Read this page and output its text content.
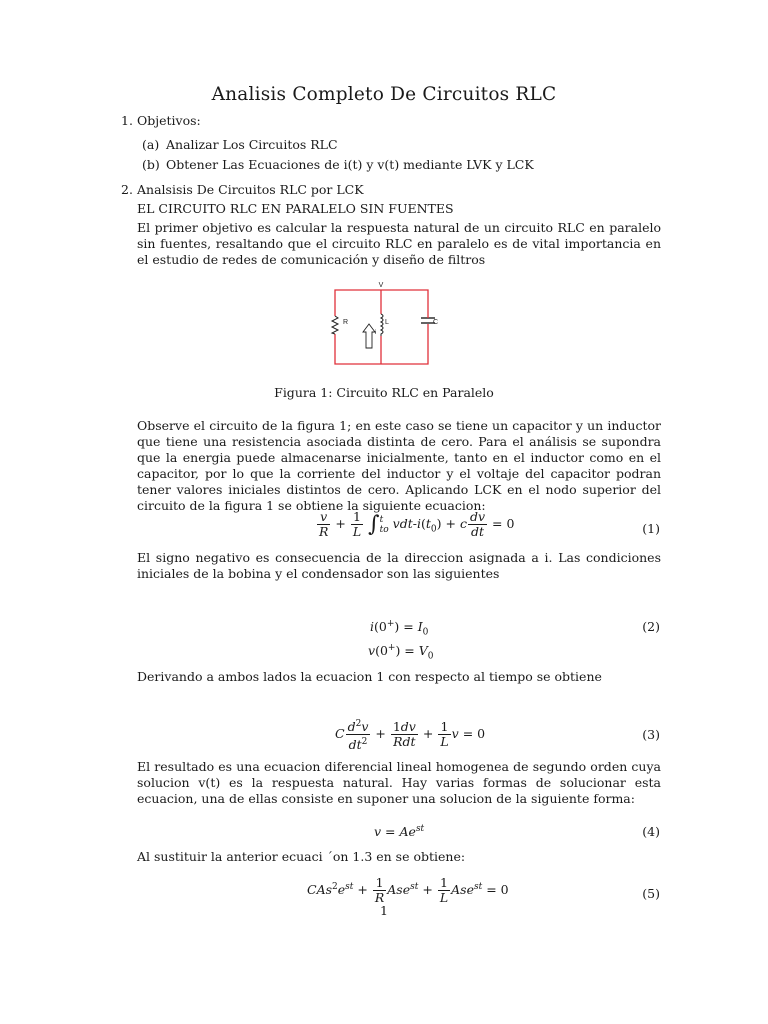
Analisis Completo De Circuitos RLC
1. Objetivos:
(a) Analizar Los Circuitos RLC
(b) Obtener Las Ecuaciones de i(t) y v(t) mediante LVK y LCK
2. Analsisis De Circuitos RLC por LCK
EL CIRCUITO RLC EN PARALELO SIN FUENTES
El primer objetivo es calcular la respuesta natural de un circuito RLC en paralelo sin fuentes, resaltando que el circuito RLC en paralelo es de vital importancia en el estudio de redes de comunicación y diseño de filtros
V
R	L	C
i
Figura 1: Circuito RLC en Paralelo
Observe el circuito de la figura 1; en este caso se tiene un capacitor y un inductor que tiene una resistencia asociada distinta de cero. Para el análisis se supondra que la energia puede almacenarse inicialmente, tanto en el inductor como en el capacitor, por lo que la corriente del inductor y el voltaje del capacitor podran tener valores iniciales distintos de cero. Aplicando LCK en el nodo superior del circuito de la figura 1 se obtiene la siguiente ecuacion:
$\frac{v}{R} + \frac{1}{L}$ ∫ t
to vdt-$i(t_0) + c \frac{dv}{dt} = 0$	(1)
El signo negativo es consecuencia de la direccion asignada a i. Las condiciones iniciales de la bobina y el condensador son las siguientes
$i(0^+) = I_0$
$v(0^+) = V_0$
(2)
Derivando a ambos lados la ecuacion 1 con respecto al tiempo se obtiene
C $\frac{d^2v}{dt^2} + \frac{1dv}{\text{Rdt}} + \frac{1}{L}$ v = 0	(3)
El resultado es una ecuacion diferencial lineal homogenea de segundo orden cuya solucion v(t) es la respuesta natural. Hay varias formas de solucionar esta ecuacion, una de ellas consiste en suponer una solucion de la siguiente forma:
$v = Ae^{st}$	(4)
Al sustituir la anterior ecuaci ´on 1.3 en se obtiene:
$CAs^2e^{st} + \frac{1}{R} Ase^{st} + \frac{1}{L} Ase^{st} = 0$	(5)
1
